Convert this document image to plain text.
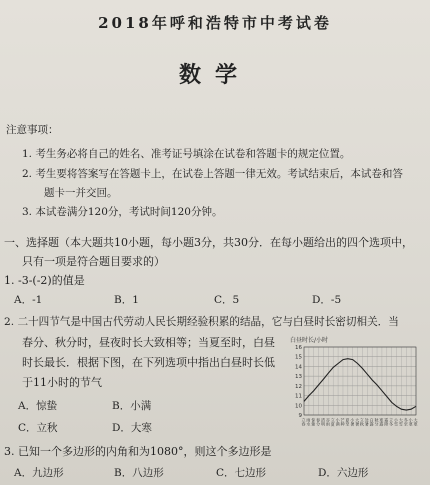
2018年呼和浩特市中考试卷
数学
注意事项：
1. 考生务必将自己的姓名、准考证号填涂在试卷和答题卡的规定位置。
2. 考生要将答案写在答题卡上，在试卷上答题一律无效。考试结束后，本试卷和答
题卡一并交回。
3. 本试卷满分120分，考试时间120分钟。
一、选择题（本大题共10小题，每小题3分，共30分．在每小题给出的四个选项中，
只有一项是符合题目要求的）
1. -3-(-2)的值是
A．-1	B．1	C．5	D．-5
2. 二十四节气是中国古代劳动人民长期经验积累的结晶，它与白昼时长密切相关．当
春分、秋分时，昼夜时长大致相等；当夏至时，白昼
时长最长．根据下图，在下列选项中指出白昼时长低
于11小时的节气
A．惊蛰	B．小满
C．立秋	D．大寒
3. 已知一个多边形的内角和为1080°，则这个多边形是
A．九边形	B．八边形	C．七边形	D．六边形
白昼时长/小时
16
15
14
13
12
11
10
9
立春 雨水 惊蛰 春分 清明 谷雨 立夏 小满 芒种 夏至 小暑 大暑 立秋 处暑 白露 秋分 寒露 霜降 立冬 小雪 大雪 冬至 小寒 大寒
